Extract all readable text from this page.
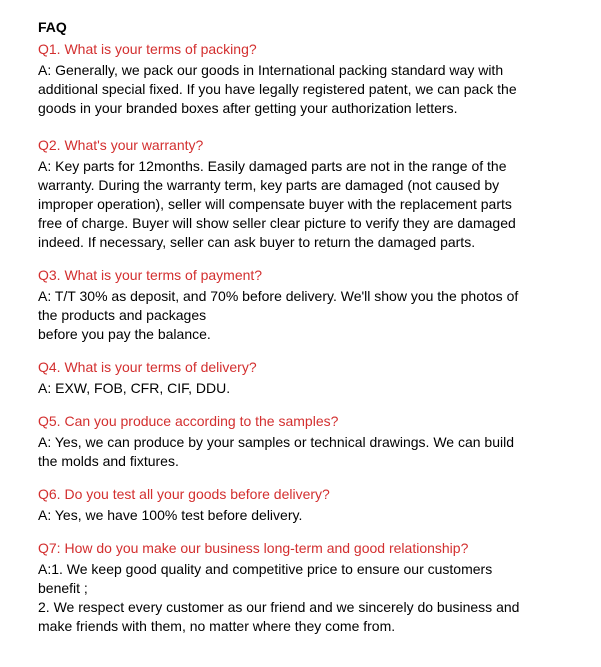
FAQ

Q1. What is your terms of packing?

A: Generally, we pack our goods in International packing standard way with
additional special fixed. If you have legally registered patent, we can pack the
goods in your branded boxes after getting your authorization letters.

Q2. What's your warranty?

A: Key parts for 12months. Easily damaged parts are not in the range of the
warranty. During the warranty term, key parts are damaged (not caused by
improper operation), seller will compensate buyer with the replacement parts
free of charge. Buyer will show seller clear picture to verify they are damaged
indeed. If necessary, seller can ask buyer to return the damaged parts.

Q3. What is your terms of payment?

A: T/T 30% as deposit, and 70% before delivery. We'll show you the photos of
the products and packages
before you pay the balance.

Q4. What is your terms of delivery?

A: EXW, FOB, CFR, CIF, DDU.

Q5. Can you produce according to the samples?

A: Yes, we can produce by your samples or technical drawings. We can build
the molds and fixtures.

Q6. Do you test all your goods before delivery?

A: Yes, we have 100% test before delivery.

Q7: How do you make our business long-term and good relationship?

A:1. We keep good quality and competitive price to ensure our customers
benefit ;
2. We respect every customer as our friend and we sincerely do business and
make friends with them, no matter where they come from.
